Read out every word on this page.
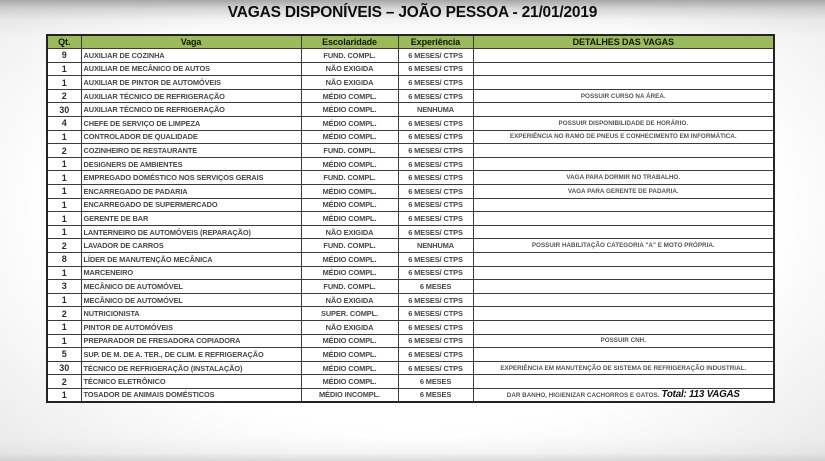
VAGAS DISPONÍVEIS – JOÃO PESSOA - 21/01/2019
Qt.	Vaga	Escolaridade	Experiência	DETALHES DAS VAGAS
9	AUXILIAR DE COZINHA	FUND. COMPL.	6 MESES/ CTPS	
1	AUXILIAR DE MECÂNICO DE AUTOS	NÃO EXIGIDA	6 MESES/ CTPS	
1	AUXILIAR DE PINTOR DE AUTOMÓVEIS	NÃO EXIGIDA	6 MESES/ CTPS	
2	AUXILIAR TÉCNICO DE REFRIGERAÇÃO	MÉDIO COMPL.	6 MESES/ CTPS	POSSUIR CURSO NA ÁREA.
30	AUXILIAR TÉCNICO DE REFRIGERAÇÃO	MÉDIO COMPL.	NENHUMA	
4	CHEFE DE SERVIÇO DE LIMPEZA	MÉDIO COMPL.	6 MESES/ CTPS	POSSUIR DISPONIBILIDADE DE HORÁRIO.
1	CONTROLADOR DE QUALIDADE	MÉDIO COMPL.	6 MESES/ CTPS	EXPERIÊNCIA NO RAMO DE PNEUS E CONHECIMENTO EM INFORMÁTICA.
2	COZINHEIRO DE RESTAURANTE	FUND. COMPL.	6 MESES/ CTPS	
1	DESIGNERS DE AMBIENTES	MÉDIO COMPL.	6 MESES/ CTPS	
1	EMPREGADO DOMÉSTICO NOS SERVIÇOS GERAIS	FUND. COMPL.	6 MESES/ CTPS	VAGA PARA DORMIR NO TRABALHO.
1	ENCARREGADO DE PADARIA	MÉDIO COMPL.	6 MESES/ CTPS	VAGA PARA GERENTE DE PADARIA.
1	ENCARREGADO DE SUPERMERCADO	MÉDIO COMPL.	6 MESES/ CTPS	
1	GERENTE DE BAR	MÉDIO COMPL.	6 MESES/ CTPS	
1	LANTERNEIRO DE AUTOMÓVEIS (REPARAÇÃO)	NÃO EXIGIDA	6 MESES/ CTPS	
2	LAVADOR DE CARROS	FUND. COMPL.	NENHUMA	POSSUIR HABILITAÇÃO CATEGORIA "A" E MOTO PRÓPRIA.
8	LÍDER DE MANUTENÇÃO MECÂNICA	MÉDIO COMPL.	6 MESES/ CTPS	
1	MARCENEIRO	MÉDIO COMPL.	6 MESES/ CTPS	
3	MECÂNICO DE AUTOMÓVEL	FUND. COMPL.	6 MESES	
1	MECÂNICO DE AUTOMÓVEL	NÃO EXIGIDA	6 MESES/ CTPS	
2	NUTRICIONISTA	SUPER. COMPL.	6 MESES/ CTPS	
1	PINTOR DE AUTOMÓVEIS	NÃO EXIGIDA	6 MESES/ CTPS	
1	PREPARADOR DE FRESADORA COPIADORA	MÉDIO COMPL.	6 MESES/ CTPS	POSSUIR CNH.
5	SUP. DE M. DE A. TER., DE CLIM. E REFRIGERAÇÃO	MÉDIO COMPL.	6 MESES/ CTPS	
30	TÉCNICO DE REFRIGERAÇÃO (INSTALAÇÃO)	MÉDIO COMPL.	6 MESES/ CTPS	EXPERIÊNCIA EM MANUTENÇÃO DE SISTEMA DE REFRIGERAÇÃO INDUSTRIAL.
2	TÉCNICO ELETRÔNICO	MÉDIO COMPL.	6 MESES	
1	TOSADOR DE ANIMAIS DOMÉSTICOS	MÉDIO INCOMPL.	6 MESES	DAR BANHO, HIGIENIZAR CACHORROS E GATOS. Total: 113 VAGAS
